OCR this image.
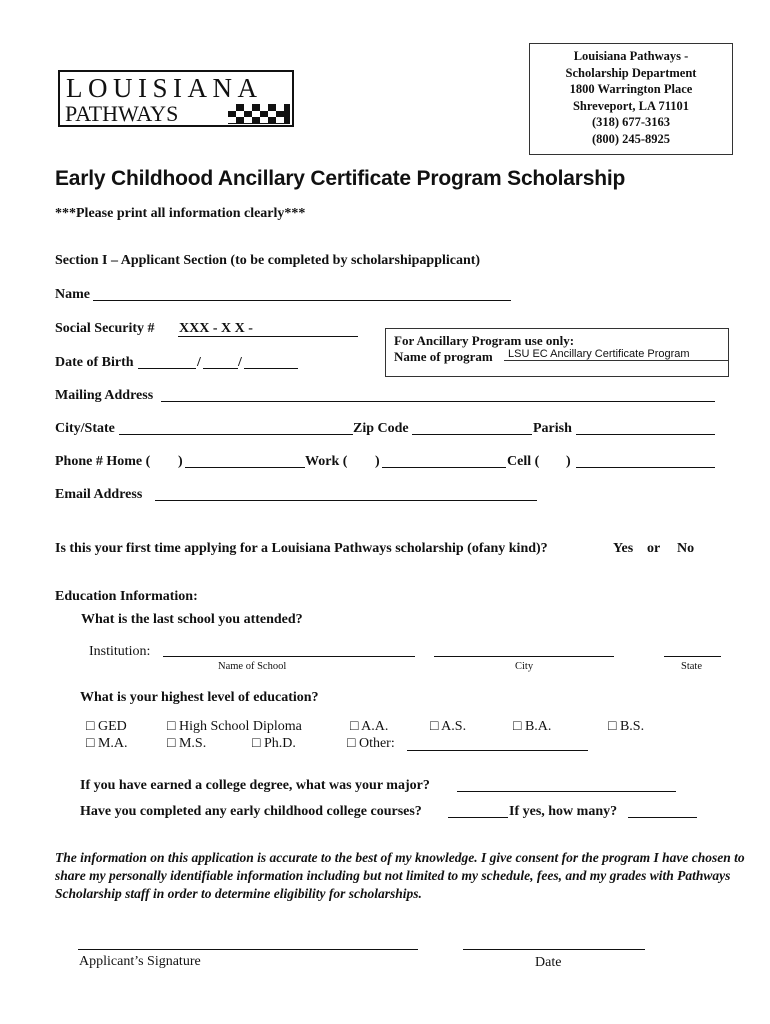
LOUISIANA
PATHWAYS
Louisiana Pathways -
Scholarship Department
1800 Warrington Place
Shreveport, LA 71101
(318) 677-3163
(800) 245-8925
Early Childhood Ancillary Certificate Program Scholarship
***Please print all information clearly***
Section I – Applicant Section (to be completed by scholarshipapplicant)
Name
Social Security # XXX - X X -
Date of Birth	/	/
For Ancillary Program use only:
Name of program	LSU EC Ancillary Certificate Program
Mailing Address
City/State	Zip Code	Parish
Phone # Home ( )	Work ( )	Cell ( )
Email Address
Is this your first time applying for a Louisiana Pathways scholarship (ofany kind)?	Yes or No
Education Information:
What is the last school you attended?
Institution:
Name of School	City	State
What is your highest level of education?
□ GED	□ High School Diploma	□ A.A.	□ A.S.	□ B.A.	□ B.S.
□ M.A.	□ M.S.	□ Ph.D.	□ Other:
If you have earned a college degree, what was your major?
Have you completed any early childhood college courses?	If yes, how many?
The information on this application is accurate to the best of my knowledge. I give consent for the program I have chosen to share my personally identifiable information including but not limited to my schedule, fees, and my grades with Pathways Scholarship staff in order to determine eligibility for scholarships.
Applicant’s Signature	Date
